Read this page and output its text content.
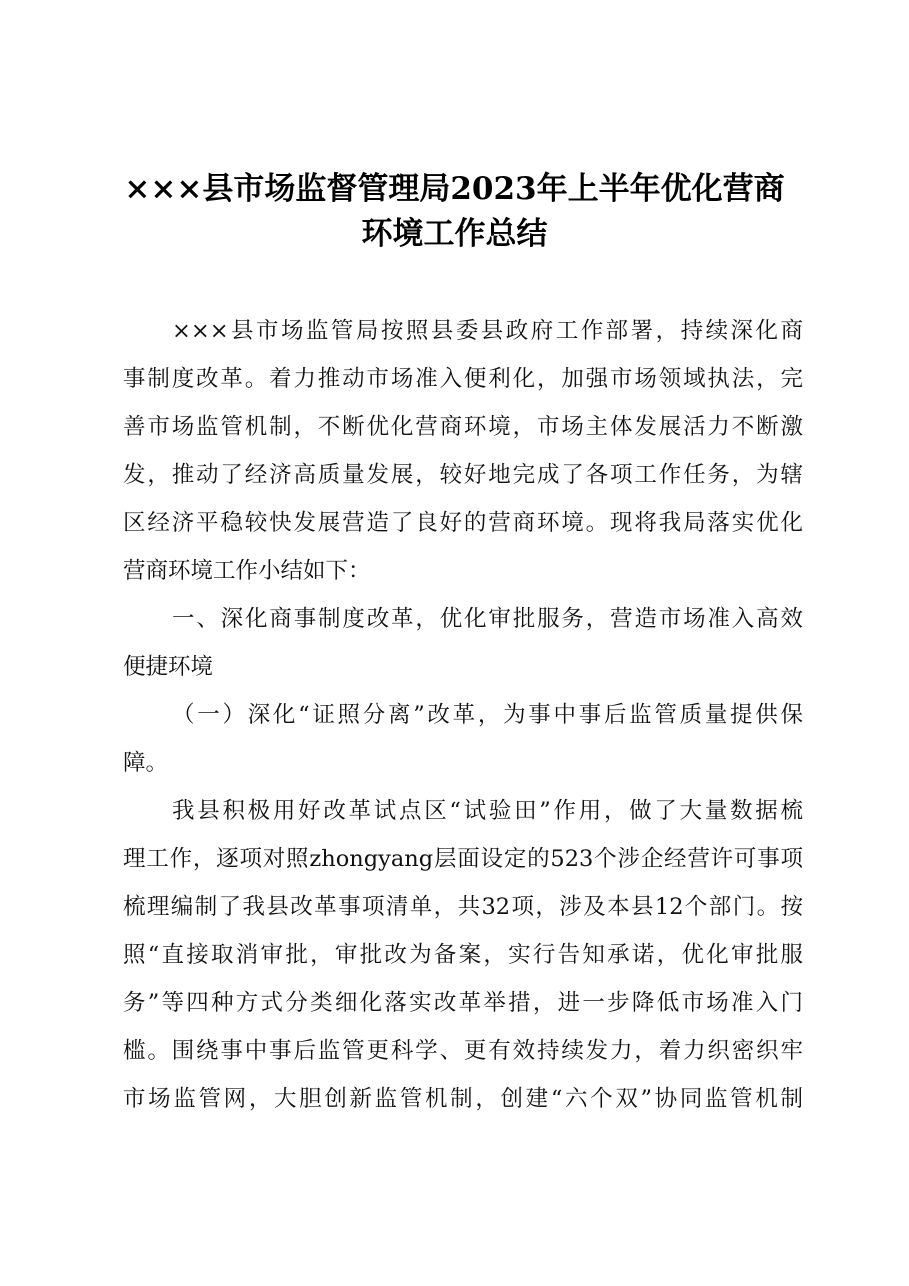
×××县市场监督管理局2023年上半年优化营商
环境工作总结
×××县市场监管局按照县委县政府工作部署，持续深化商
事制度改革。着力推动市场准入便利化，加强市场领域执法，完
善市场监管机制，不断优化营商环境，市场主体发展活力不断激
发，推动了经济高质量发展，较好地完成了各项工作任务，为辖
区经济平稳较快发展营造了良好的营商环境。现将我局落实优化
营商环境工作小结如下：
一、深化商事制度改革，优化审批服务，营造市场准入高效
便捷环境
（一）深化“证照分离”改革，为事中事后监管质量提供保
障。
我县积极用好改革试点区“试验田”作用，做了大量数据梳
理工作，逐项对照zhongyang层面设定的523个涉企经营许可事项
梳理编制了我县改革事项清单，共32项，涉及本县12个部门。按
照“直接取消审批，审批改为备案，实行告知承诺，优化审批服
务”等四种方式分类细化落实改革举措，进一步降低市场准入门
槛。围绕事中事后监管更科学、更有效持续发力，着力织密织牢
市场监管网，大胆创新监管机制，创建“六个双”协同监管机制
